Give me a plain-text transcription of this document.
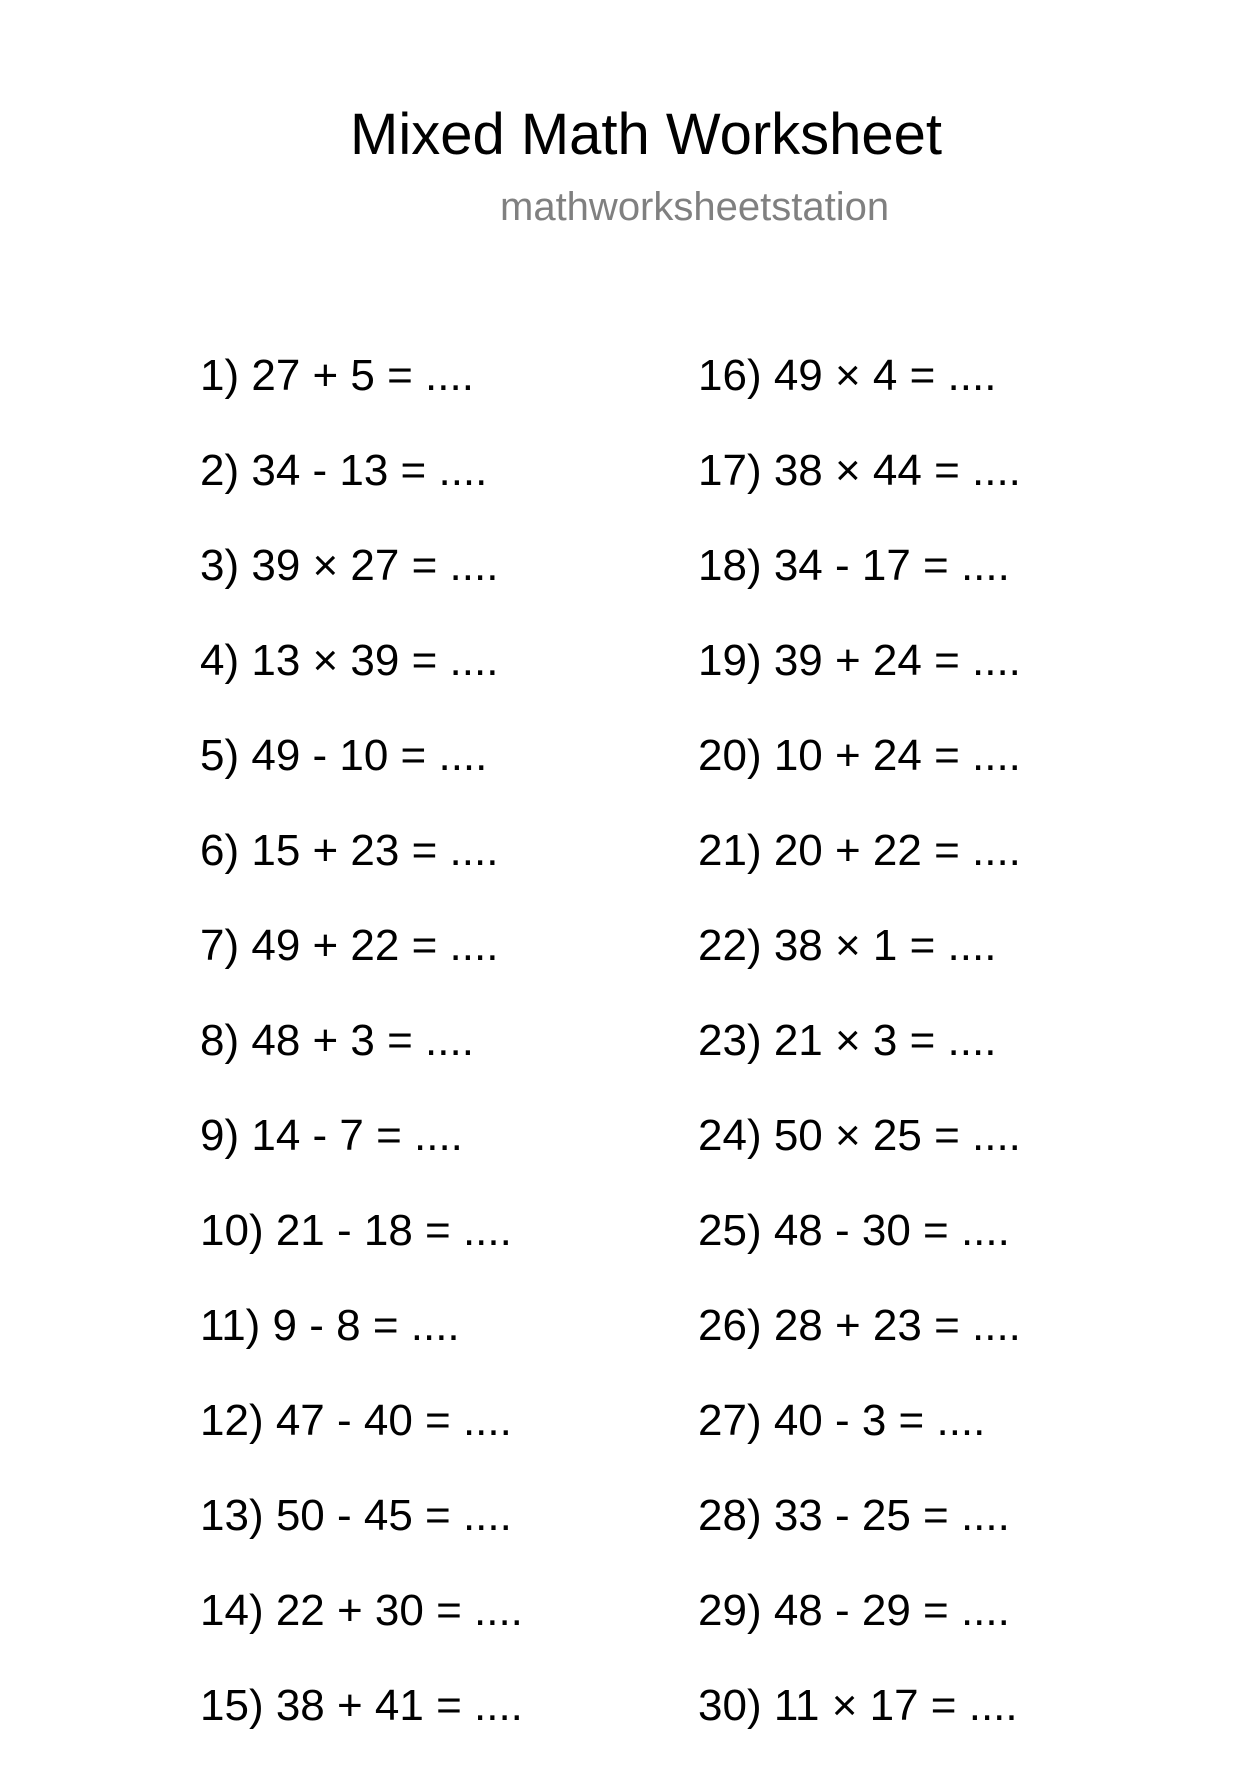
Mixed Math Worksheet
mathworksheetstation
1) 27 + 5 = ....
2) 34 - 13 = ....
3) 39 × 27 = ....
4) 13 × 39 = ....
5) 49 - 10 = ....
6) 15 + 23 = ....
7) 49 + 22 = ....
8) 48 + 3 = ....
9) 14 - 7 = ....
10) 21 - 18 = ....
11) 9 - 8 = ....
12) 47 - 40 = ....
13) 50 - 45 = ....
14) 22 + 30 = ....
15) 38 + 41 = ....
16) 49 × 4 = ....
17) 38 × 44 = ....
18) 34 - 17 = ....
19) 39 + 24 = ....
20) 10 + 24 = ....
21) 20 + 22 = ....
22) 38 × 1 = ....
23) 21 × 3 = ....
24) 50 × 25 = ....
25) 48 - 30 = ....
26) 28 + 23 = ....
27) 40 - 3 = ....
28) 33 - 25 = ....
29) 48 - 29 = ....
30) 11 × 17 = ....
